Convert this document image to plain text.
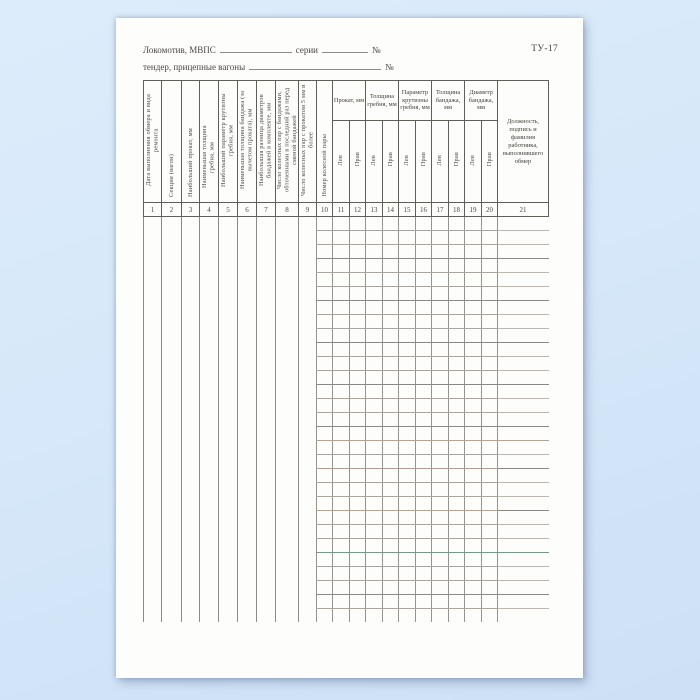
ТУ-17
Локомотив, МВПС	серии	№
тендер, прицепные вагоны	№
Дата выполнения обмера и вида ремонта	Секция (вагон)	Наибольший прокат, мм	Наименьшая толщина гребня, мм	Наибольший параметр крутизны гребня, мм	Наименьшая толщина бандажа (за вычетом проката), мм	Наибольшая разница диаметров бандажей в комплекте, мм	Число колесных пар с бандажами, обточенными в последний раз перед сменой бандажей	Число колесных пар с прокатом 5 мм и более	Номер колесной пары	Прокат, мм		Толщина гребня, мм		Параметр крутизны гребня, мм		Толщина бандажа, мм		Диаметр бандажа, мм		Должность, подпись и фамилия работника, выполнившего обмер
										Лев	Прав	Лев	Прав	Лев	Прав	Лев	Прав	Лев	Прав	
1	2	3	4	5	6	7	8	9	10	11	12	13	14	15	16	17	18	19	20	21
